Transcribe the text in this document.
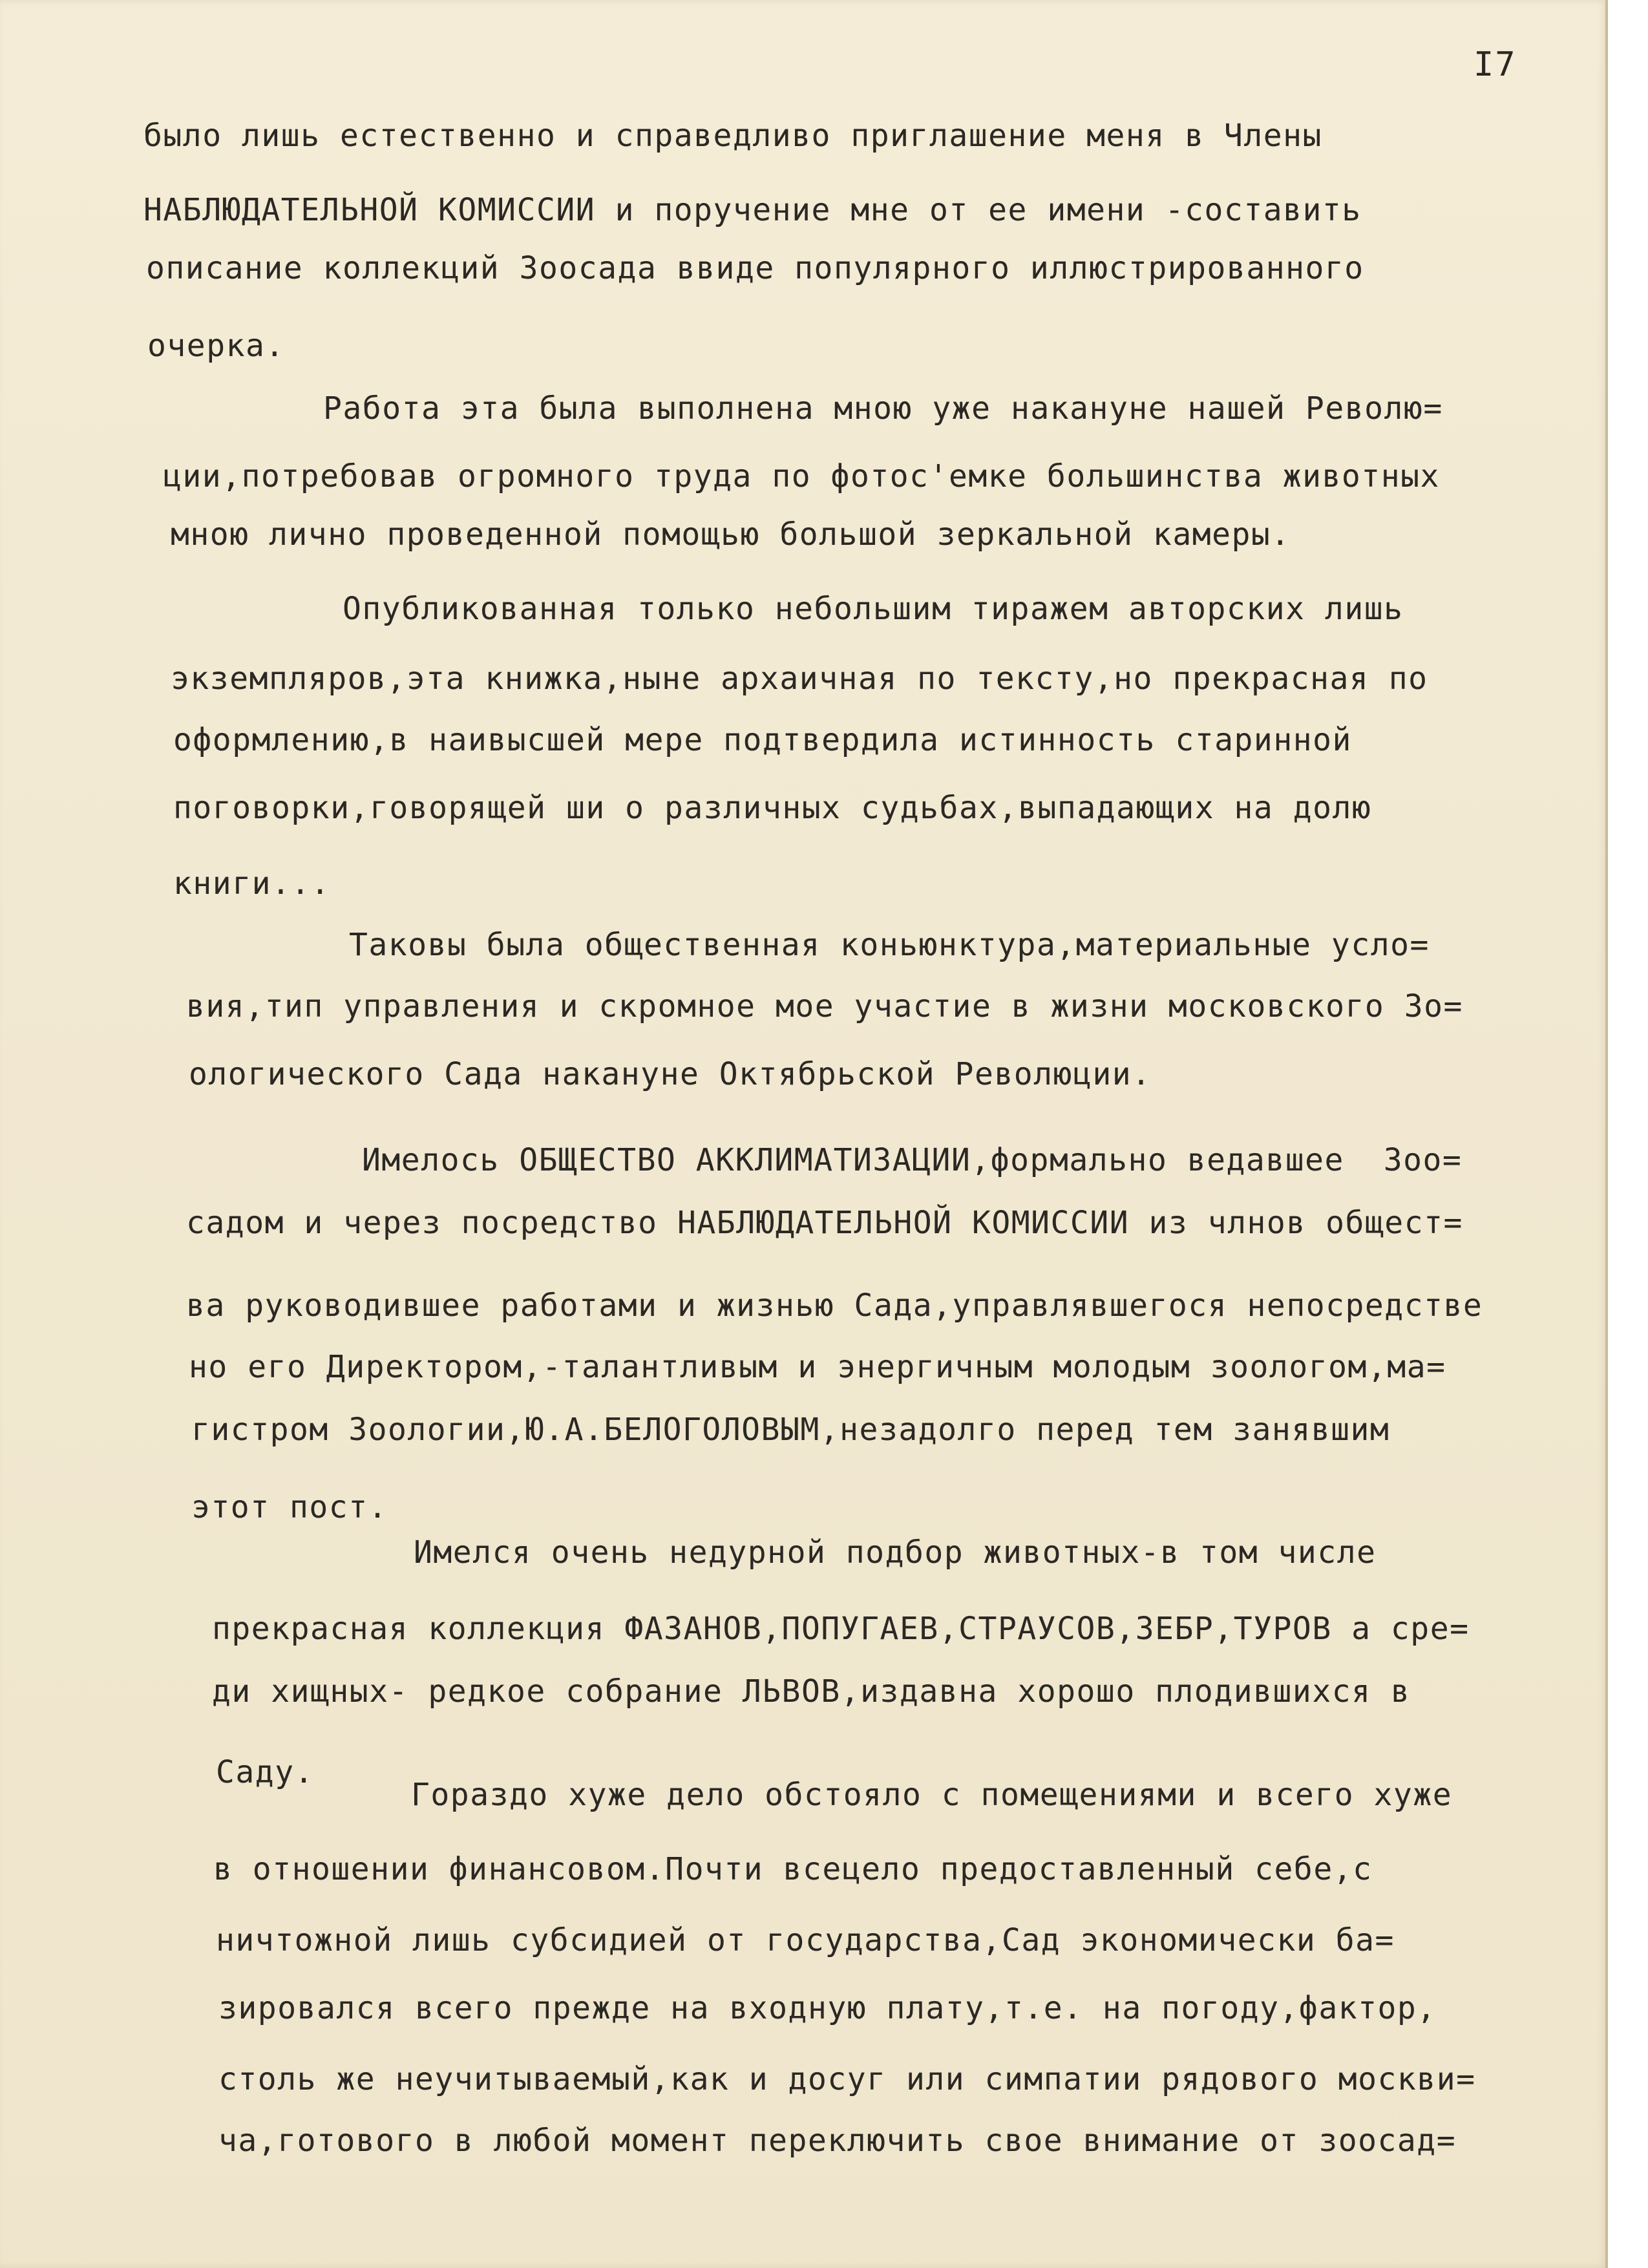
I7
было лишь естественно и справедливо приглашение меня в Члены
НАБЛЮДАТЕЛЬНОЙ КОМИССИИ и поручение мне от ее имени -составить
описание коллекций Зоосада ввиде популярного иллюстрированного
очерка.
Работа эта была выполнена мною уже накануне нашей Револю=
ции,потребовав огромного труда по фотос'емке большинства животных
мною лично проведенной помощью большой зеркальной камеры.
Опубликованная только небольшим тиражем авторских лишь
экземпляров,эта книжка,ныне архаичная по тексту,но прекрасная по
оформлению,в наивысшей мере подтвердила истинность старинной
поговорки,говорящей ши о различных судьбах,выпадающих на долю
книги...
Таковы была общественная коньюнктура,материальные усло=
вия,тип управления и скромное мое участие в жизни московского Зо=
ологического Сада накануне Октябрьской Революции.
Имелось ОБЩЕСТВО АККЛИМАТИЗАЦИИ,формально ведавшее  Зоо=
садом и через посредство НАБЛЮДАТЕЛЬНОЙ КОМИССИИ из члнов общест=
ва руководившее работами и жизнью Сада,управлявшегося непосредстве
но его Директором,-талантливым и энергичным молодым зоологом,ма=
гистром Зоологии,Ю.А.БЕЛОГОЛОВЫМ,незадолго перед тем занявшим
этот пост.
Имелся очень недурной подбор животных-в том числе
прекрасная коллекция ФАЗАНОВ,ПОПУГАЕВ,СТРАУСОВ,ЗЕБР,ТУРОВ а сре=
ди хищных- редкое собрание ЛЬВОВ,издавна хорошо плодившихся в
Саду.
Гораздо хуже дело обстояло с помещениями и всего хуже
в отношении финансовом.Почти всецело предоставленный себе,с
ничтожной лишь субсидией от государства,Сад экономически ба=
зировался всего прежде на входную плату,т.е. на погоду,фактор,
столь же неучитываемый,как и досуг или симпатии рядового москви=
ча,готового в любой момент переключить свое внимание от зоосад=
